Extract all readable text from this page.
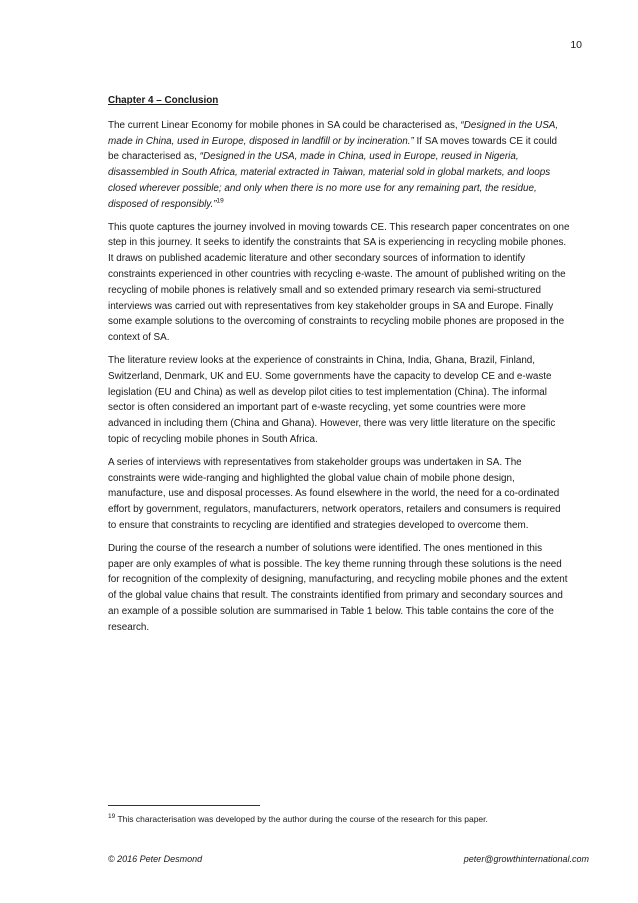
10
Chapter 4 – Conclusion

The current Linear Economy for mobile phones in SA could be characterised as, “Designed in the USA, made in China, used in Europe, disposed in landfill or by incineration.” If SA moves towards CE it could be characterised as, “Designed in the USA, made in China, used in Europe, reused in Nigeria, disassembled in South Africa, material extracted in Taiwan, material sold in global markets, and loops closed wherever possible; and only when there is no more use for any remaining part, the residue, disposed of responsibly.”$^{19}$

This quote captures the journey involved in moving towards CE. This research paper concentrates on one step in this journey. It seeks to identify the constraints that SA is experiencing in recycling mobile phones. It draws on published academic literature and other secondary sources of information to identify constraints experienced in other countries with recycling e-waste. The amount of published writing on the recycling of mobile phones is relatively small and so extended primary research via semi-structured interviews was carried out with representatives from key stakeholder groups in SA and Europe. Finally some example solutions to the overcoming of constraints to recycling mobile phones are proposed in the context of SA.

The literature review looks at the experience of constraints in China, India, Ghana, Brazil, Finland, Switzerland, Denmark, UK and EU. Some governments have the capacity to develop CE and e-waste legislation (EU and China) as well as develop pilot cities to test implementation (China). The informal sector is often considered an important part of e-waste recycling, yet some countries were more advanced in including them (China and Ghana). However, there was very little literature on the specific topic of recycling mobile phones in South Africa.

A series of interviews with representatives from stakeholder groups was undertaken in SA. The constraints were wide-ranging and highlighted the global value chain of mobile phone design, manufacture, use and disposal processes. As found elsewhere in the world, the need for a co-ordinated effort by government, regulators, manufacturers, network operators, retailers and consumers is required to ensure that constraints to recycling are identified and strategies developed to overcome them.

During the course of the research a number of solutions were identified. The ones mentioned in this paper are only examples of what is possible. The key theme running through these solutions is the need for recognition of the complexity of designing, manufacturing, and recycling mobile phones and the extent of the global value chains that result. The constraints identified from primary and secondary sources and an example of a possible solution are summarised in Table 1 below. This table contains the core of the research.

$^{19}$ This characterisation was developed by the author during the course of the research for this paper.
© 2016 Peter Desmond	peter@growthinternational.com
